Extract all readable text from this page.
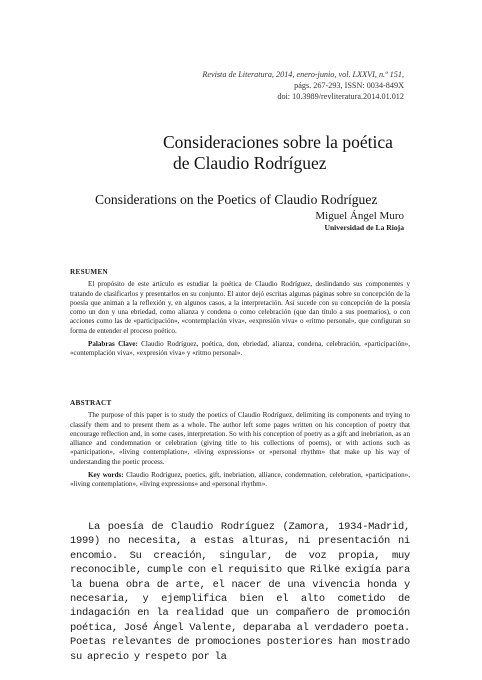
Revista de Literatura, 2014, enero-junio, vol. LXXVI, n.º 151,
págs. 267-293, ISSN: 0034-849X
doi: 10.3989/revliteratura.2014.01.012
Consideraciones sobre la poética
de Claudio Rodríguez
Considerations on the Poetics of Claudio Rodríguez
Miguel Ángel Muro
Universidad de La Rioja
RESUMEN

El propósito de este artículo es estudiar la poética de Claudio Rodríguez, deslindando sus componentes y tratando de clasificarlos y presentarlos en su conjunto. El autor dejó escritas algunas páginas sobre su concepción de la poesía que animan a la reflexión y, en algunos casos, a la interpretación. Así sucede con su concepción de la poesía como un don y una ebriedad, como alianza y condena o como celebración (que dan título a sus poemarios), o con acciones como las de «participación», «contemplación viva», «expresión viva» o «ritmo personal», que configuran su forma de entender el proceso poético.

Palabras Clave: Claudio Rodríguez, poética, don, ebriedad, alianza, condena, celebración, «participación», «contemplación viva», «expresión viva» y «ritmo personal».

ABSTRACT

The purpose of this paper is to study the poetics of Claudio Rodríguez, delimiting its components and trying to classify them and to present them as a whole. The author left some pages written on his conception of poetry that encourage reflection and, in some cases, interpretation. So with his conception of poetry as a gift and inebriation, as an alliance and condemnation or celebration (giving title to his collections of poems), or with actions such as «participation», «living contemplation», «living expressions» or «personal rhythm» that make up his way of understanding the poetic process.

Key words: Claudio Rodríguez, poetics, gift, inebriation, alliance, condemnation, celebration, «participation», «living contemplation», «living expressions» and «personal rhythm».

La poesía de Claudio Rodríguez (Zamora, 1934-Madrid, 1999) no necesita, a estas alturas, ni presentación ni encomio. Su creación, singular, de voz propia, muy reconocible, cumple con el requisito que Rilke exigía para la buena obra de arte, el nacer de una vivencia honda y necesaria, y ejemplifica bien el alto cometido de indagación en la realidad que un compañero de promoción poética, José Ángel Valente, deparaba al verdadero poeta. Poetas relevantes de promociones posteriores han mostrado su aprecio y respeto por la
